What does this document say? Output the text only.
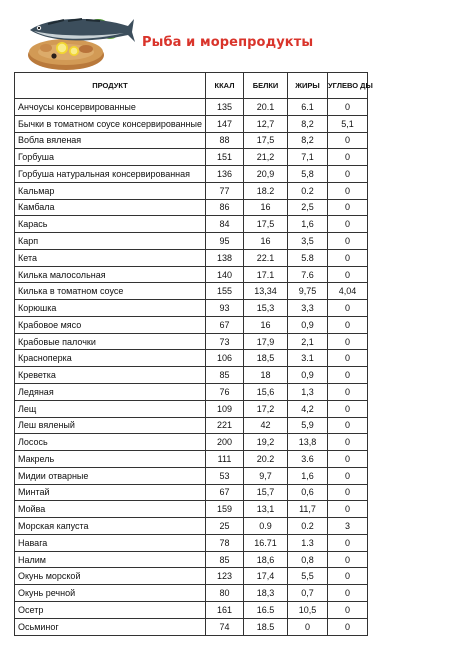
Рыба и морепродукты
ПРОДУКТ	ККАЛ	БЕЛКИ	ЖИРЫ	УГЛЕВО ДЫ
Анчоусы консервированные	135	20.1	6.1	0
Бычки в томатном соусе консервированные	147	12,7	8,2	5,1
Вобла вяленая	88	17,5	8,2	0
Горбуша	151	21,2	7,1	0
Горбуша натуральная консервированная	136	20,9	5,8	0
Кальмар	77	18.2	0.2	0
Камбала	86	16	2,5	0
Карась	84	17,5	1,6	0
Карп	95	16	3,5	0
Кета	138	22.1	5.8	0
Килька малосольная	140	17.1	7.6	0
Килька в томатном соусе	155	13,34	9,75	4,04
Корюшка	93	15,3	3,3	0
Крабовое мясо	67	16	0,9	0
Крабовые палочки	73	17,9	2,1	0
Красноперка	106	18,5	3.1	0
Креветка	85	18	0,9	0
Ледяная	76	15,6	1,3	0
Лещ	109	17,2	4,2	0
Леш вяленый	221	42	5,9	0
Лосось	200	19,2	13,8	0
Макрель	111	20.2	3.6	0
Мидии отварные	53	9,7	1,6	0
Минтай	67	15,7	0,6	0
Мойва	159	13,1	11,7	0
Морская капуста	25	0.9	0.2	3
Навага	78	16.71	1.3	0
Налим	85	18,6	0,8	0
Окунь морской	123	17,4	5,5	0
Окунь речной	80	18,3	0,7	0
Осетр	161	16.5	10,5	0
Осьминог	74	18.5	0	0
